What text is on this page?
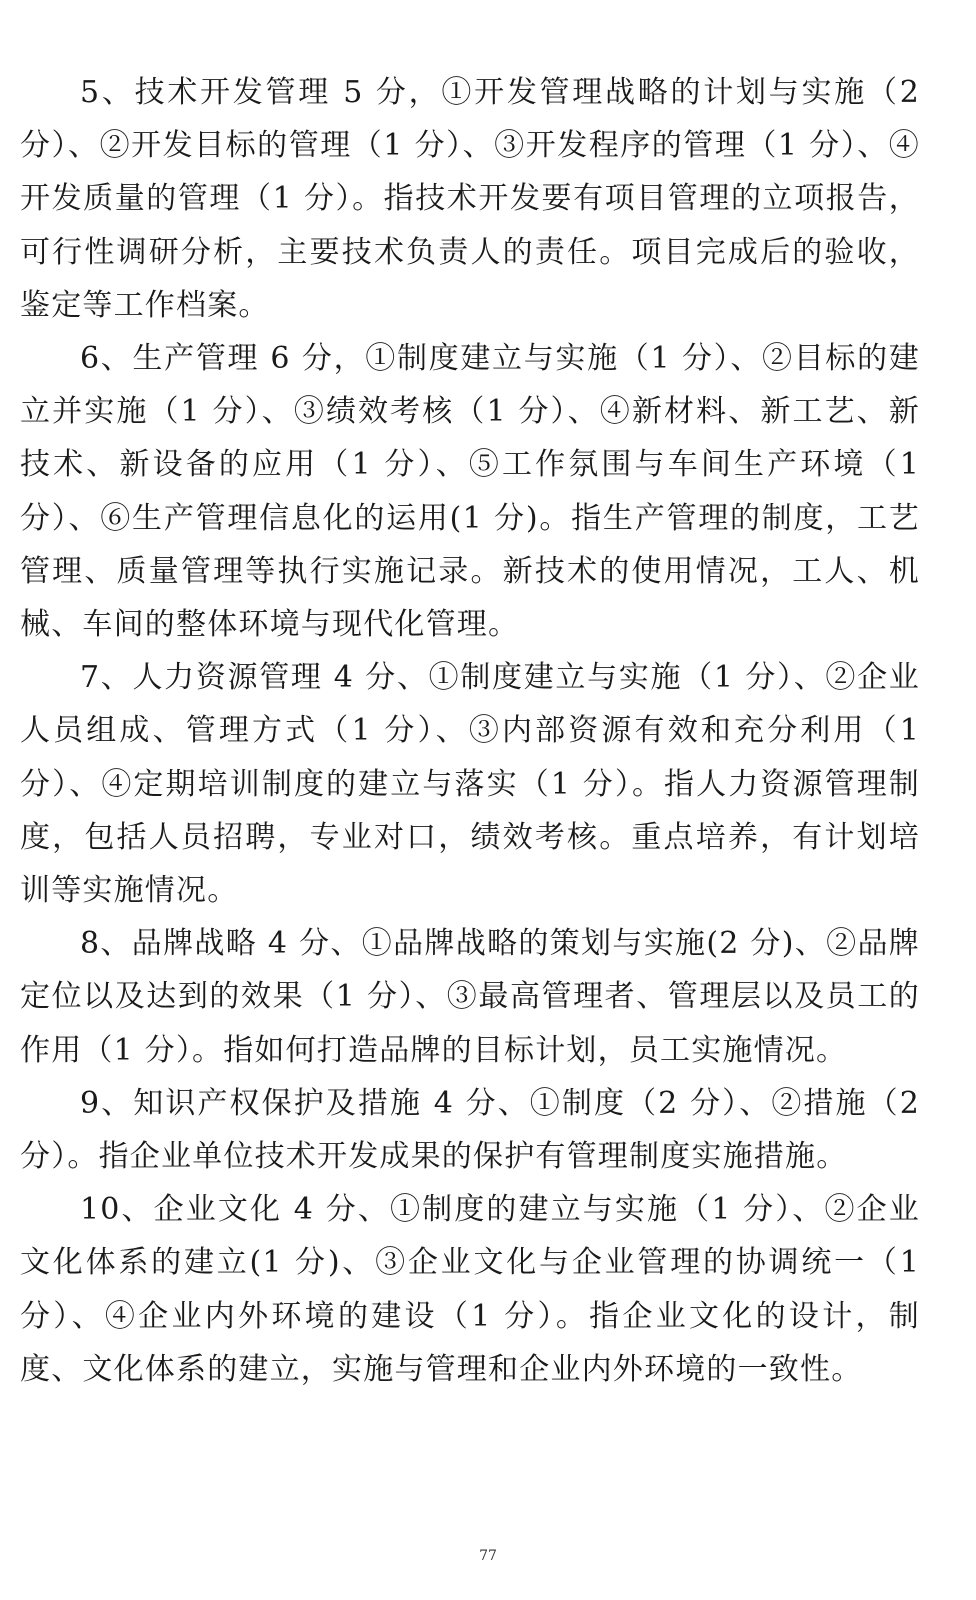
5、技术开发管理 5 分，①开发管理战略的计划与实施（2 分）、②开发目标的管理（1 分）、③开发程序的管理（1 分）、④开发质量的管理（1 分）。指技术开发要有项目管理的立项报告，可行性调研分析，主要技术负责人的责任。项目完成后的验收，鉴定等工作档案。

6、生产管理 6 分，①制度建立与实施（1 分）、②目标的建立并实施（1 分）、③绩效考核（1 分）、④新材料、新工艺、新技术、新设备的应用（1 分）、⑤工作氛围与车间生产环境（1 分）、⑥生产管理信息化的运用(1 分)。指生产管理的制度，工艺管理、质量管理等执行实施记录。新技术的使用情况，工人、机械、车间的整体环境与现代化管理。

7、人力资源管理 4 分、①制度建立与实施（1 分）、②企业人员组成、管理方式（1 分）、③内部资源有效和充分利用（1 分）、④定期培训制度的建立与落实（1 分）。指人力资源管理制度，包括人员招聘，专业对口，绩效考核。重点培养，有计划培训等实施情况。

8、品牌战略 4 分、①品牌战略的策划与实施(2 分)、②品牌定位以及达到的效果（1 分）、③最高管理者、管理层以及员工的作用（1 分）。指如何打造品牌的目标计划，员工实施情况。

9、知识产权保护及措施 4 分、①制度（2 分）、②措施（2 分）。指企业单位技术开发成果的保护有管理制度实施措施。

10、企业文化 4 分、①制度的建立与实施（1 分）、②企业文化体系的建立(1 分)、③企业文化与企业管理的协调统一（1 分）、④企业内外环境的建设（1 分）。指企业文化的设计，制度、文化体系的建立，实施与管理和企业内外环境的一致性。

77
